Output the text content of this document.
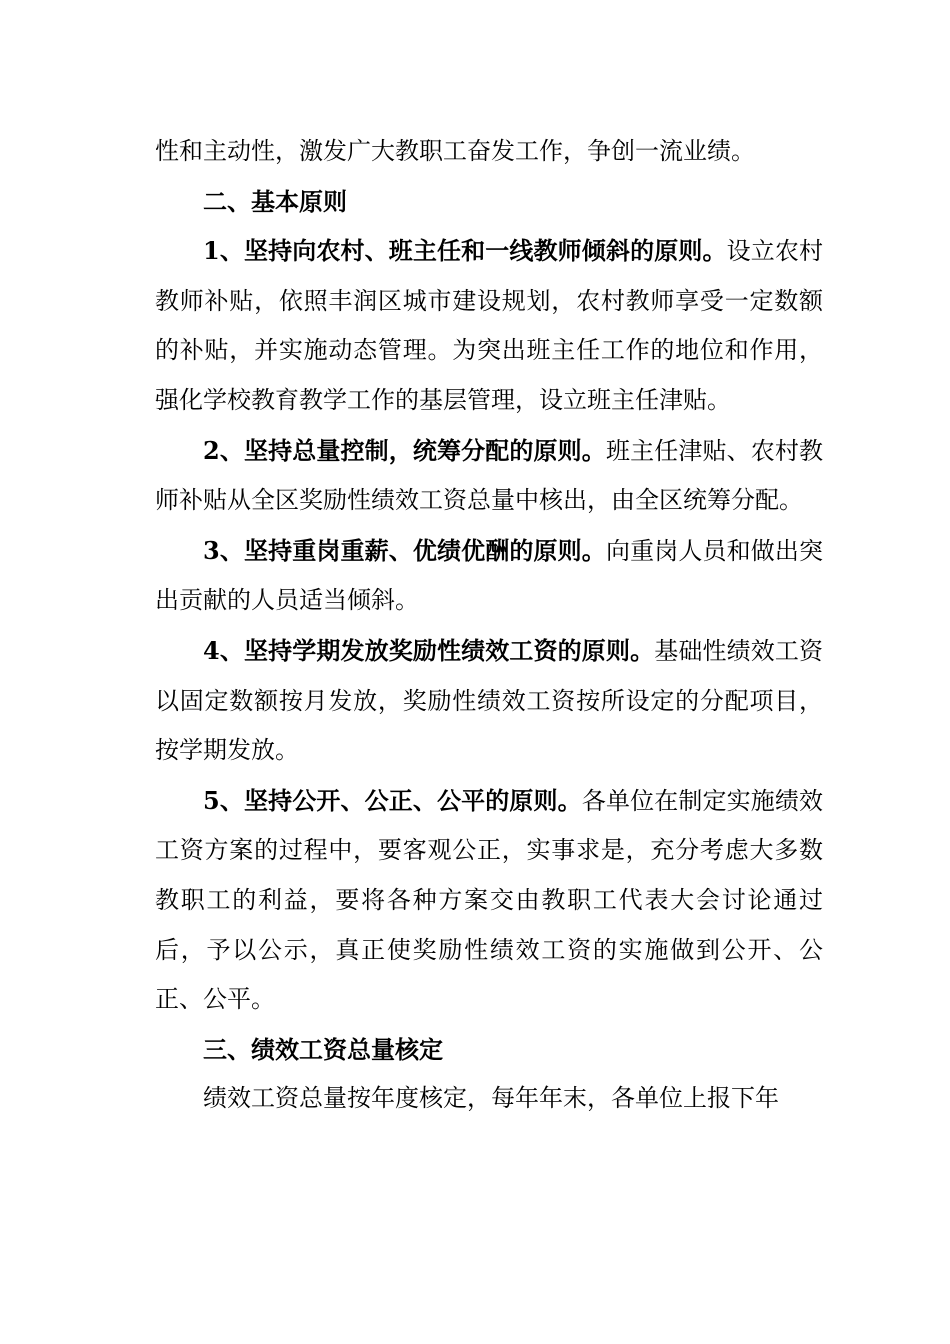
性和主动性，激发广大教职工奋发工作，争创一流业绩。

二、基本原则

1、坚持向农村、班主任和一线教师倾斜的原则。设立农村教师补贴，依照丰润区城市建设规划，农村教师享受一定数额的补贴，并实施动态管理。为突出班主任工作的地位和作用，强化学校教育教学工作的基层管理，设立班主任津贴。

2、坚持总量控制，统筹分配的原则。班主任津贴、农村教师补贴从全区奖励性绩效工资总量中核出，由全区统筹分配。

3、坚持重岗重薪、优绩优酬的原则。向重岗人员和做出突出贡献的人员适当倾斜。

4、坚持学期发放奖励性绩效工资的原则。基础性绩效工资以固定数额按月发放，奖励性绩效工资按所设定的分配项目，按学期发放。

5、坚持公开、公正、公平的原则。各单位在制定实施绩效工资方案的过程中，要客观公正，实事求是，充分考虑大多数教职工的利益，要将各种方案交由教职工代表大会讨论通过后，予以公示，真正使奖励性绩效工资的实施做到公开、公正、公平。

三、绩效工资总量核定

绩效工资总量按年度核定，每年年末，各单位上报下年
